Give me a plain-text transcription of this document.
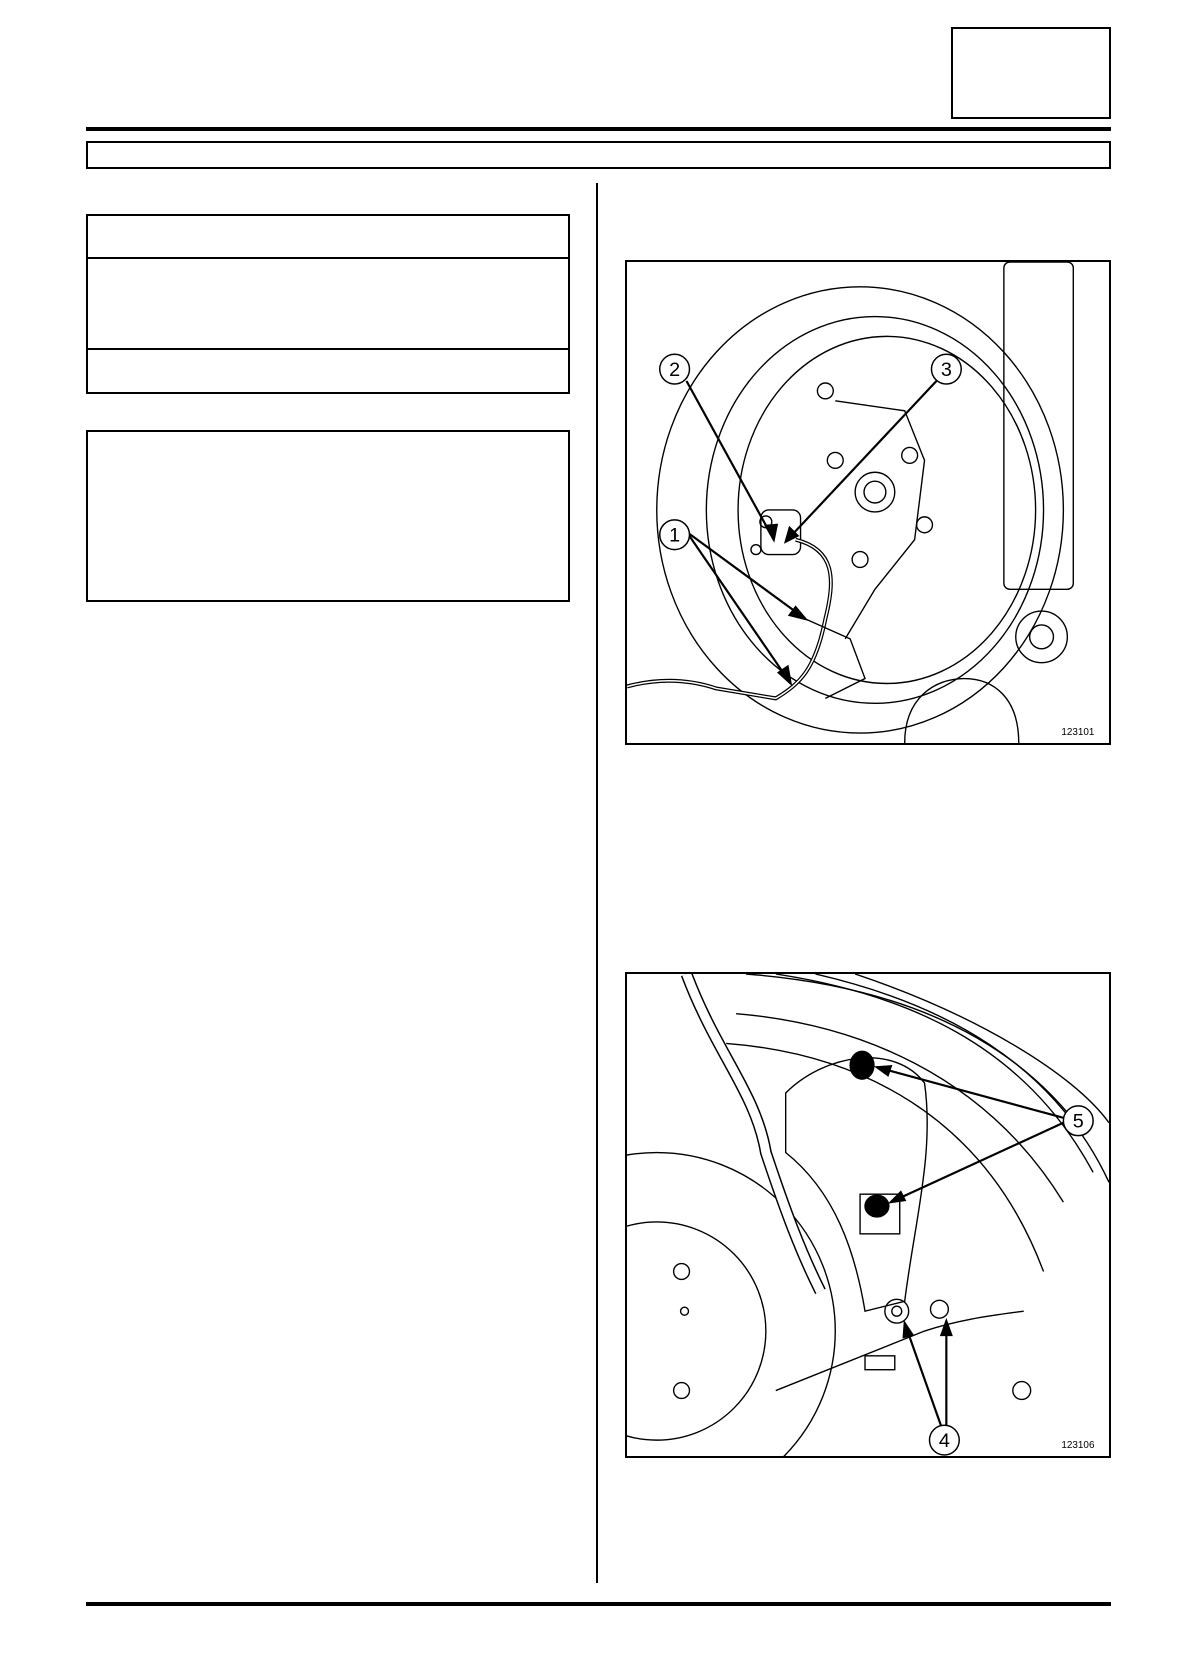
2	3
1
123101
5
4	123106
